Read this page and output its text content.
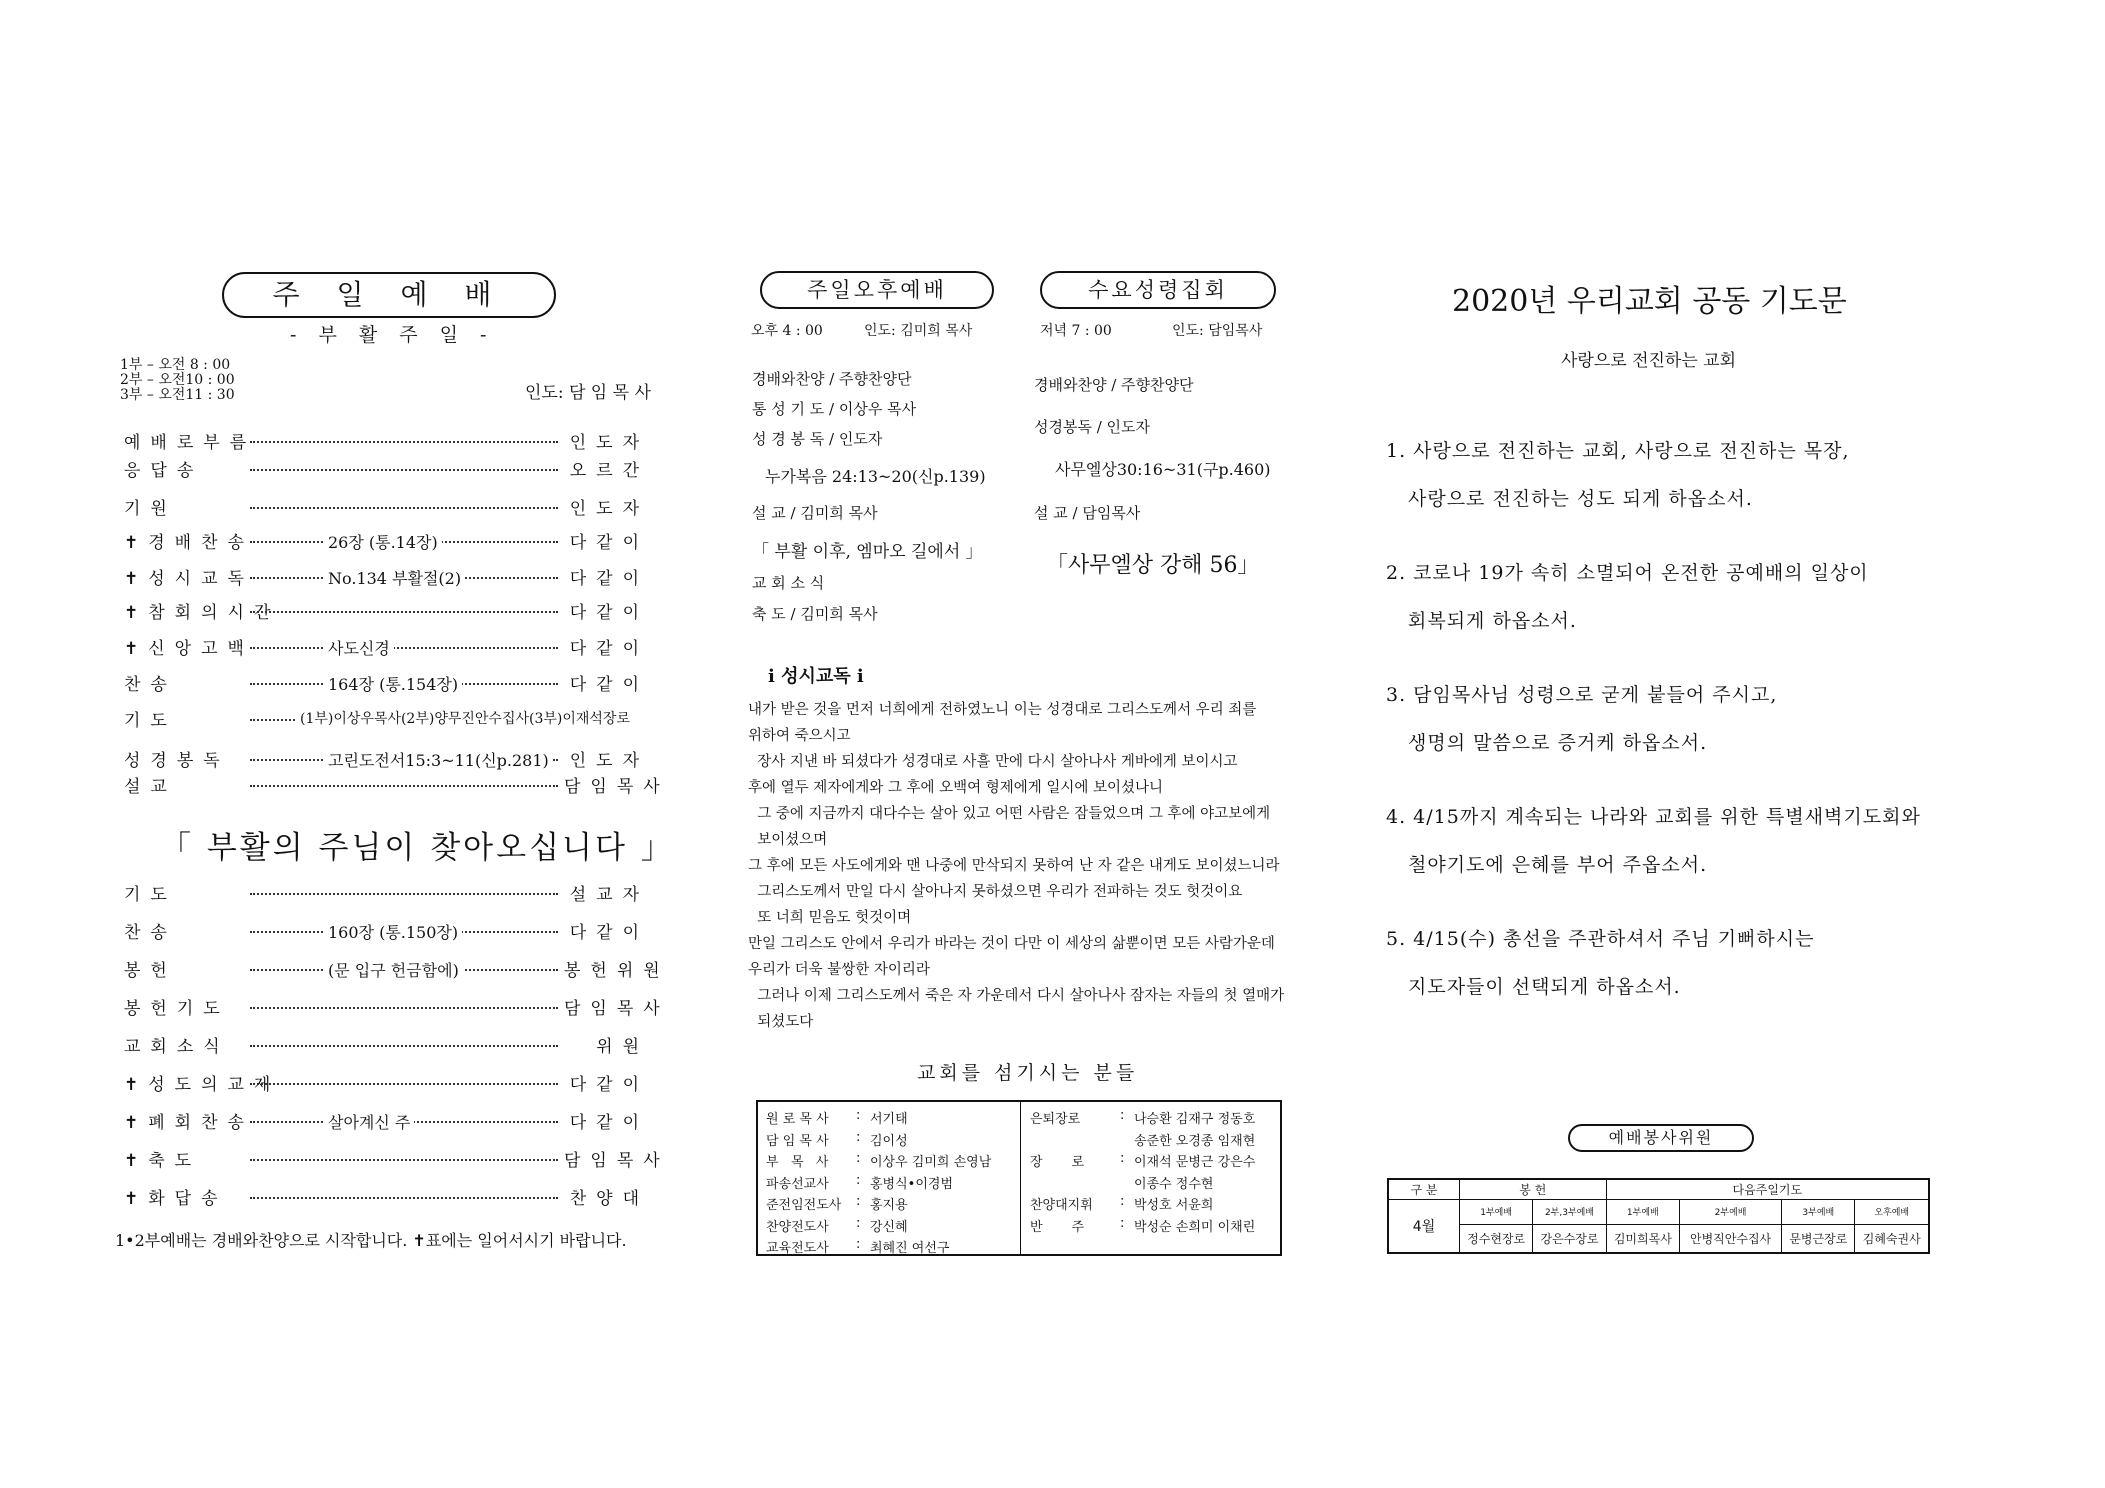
주 일 예 배
- 부 활 주 일 -
1부 – 오전 8 : 00
2부 – 오전10 : 00
3부 – 오전11 : 30	인도: 담 임 목 사
예배로부름	인도자
응답송	오르간
기원	인도자
✝경배찬송	26장 (통.14장)	다같이
✝성시교독	No.134 부활절(2)	다같이
✝참회의시간	다같이
✝신앙고백	사도신경	다같이
찬송	164장 (통.154장)	다같이
기도	(1부)이상우목사(2부)양무진안수집사(3부)이재석장로
성경봉독	고린도전서15:3~11(신p.281)	인도자
설교	담임목사
「 부활의 주님이 찾아오십니다 」
기도	설교자
찬송	160장 (통.150장)	다같이
봉헌	(문 입구 헌금함에)	봉헌위원
봉헌기도	담임목사
교회소식	위원
✝성도의교제	다같이
✝폐회찬송	살아계신 주	다같이
✝축도	담임목사
✝화답송	찬양대
1•2부예배는 경배와찬양으로 시작합니다. ✝표에는 일어서시기 바랍니다.
주일오후예배	수요성령집회
오후 4 : 00	인도: 김미희 목사	저녁 7 : 00	인도: 담임목사
경배와찬양 / 주향찬양단
통 성 기 도 / 이상우 목사
성 경 봉 독 / 인도자
누가복음 24:13~20(신p.139)
설 교 / 김미희 목사
「 부활 이후, 엠마오 길에서 」
교 회 소 식
축 도 / 김미희 목사
경배와찬양 / 주향찬양단
성경봉독 / 인도자
사무엘상30:16~31(구p.460)
설 교 / 담임목사
「사무엘상 강해 56」
ⅰ 성시교독 ⅰ
내가 받은 것을 먼저 너희에게 전하였노니 이는 성경대로 그리스도께서 우리 죄를
위하여 죽으시고
장사 지낸 바 되셨다가 성경대로 사흘 만에 다시 살아나사 게바에게 보이시고
후에 열두 제자에게와 그 후에 오백여 형제에게 일시에 보이셨나니
그 중에 지금까지 대다수는 살아 있고 어떤 사람은 잠들었으며 그 후에 야고보에게
보이셨으며
그 후에 모든 사도에게와 맨 나중에 만삭되지 못하여 난 자 같은 내게도 보이셨느니라
그리스도께서 만일 다시 살아나지 못하셨으면 우리가 전파하는 것도 헛것이요
또 너희 믿음도 헛것이며
만일 그리스도 안에서 우리가 바라는 것이 다만 이 세상의 삶뿐이면 모든 사람가운데
우리가 더욱 불쌍한 자이리라
그러나 이제 그리스도께서 죽은 자 가운데서 다시 살아나사 잠자는 자들의 첫 열매가
되셨도다
교회를 섬기시는 분들
원 로 목 사	: 서기태
담 임 목 사	: 김이성
부   목   사	: 이상우 김미희 손영남
파송선교사	: 홍병식•이경범
준전임전도사	: 홍지용
찬양전도사	: 강신혜
교육전도사	: 최혜진 여선구
은퇴장로	: 나승환 김재구 정동호
송준한 오경종 임재현
장       로	: 이재석 문병근 강은수
이종수 정수현
찬양대지휘	: 박성호 서윤희
반       주	: 박성순 손희미 이채린
2020년 우리교회 공동 기도문
사랑으로 전진하는 교회
1. 사랑으로 전진하는 교회, 사랑으로 전진하는 목장,
사랑으로 전진하는 성도 되게 하옵소서.
2. 코로나 19가 속히 소멸되어 온전한 공예배의 일상이
회복되게 하옵소서.
3. 담임목사님 성령으로 굳게 붙들어 주시고,
생명의 말씀으로 증거케 하옵소서.
4. 4/15까지 계속되는 나라와 교회를 위한 특별새벽기도회와
철야기도에 은혜를 부어 주옵소서.
5. 4/15(수) 총선을 주관하셔서 주님 기뻐하시는
지도자들이 선택되게 하옵소서.
예배봉사위원
구 분	봉 헌		다음주일기도			
4월	1부예배	2부,3부예배	1부예배	2부예배	3부예배	오후예배
	정수현장로	강은수장로	김미희목사	안병직안수집사	문병근장로	김혜숙권사
